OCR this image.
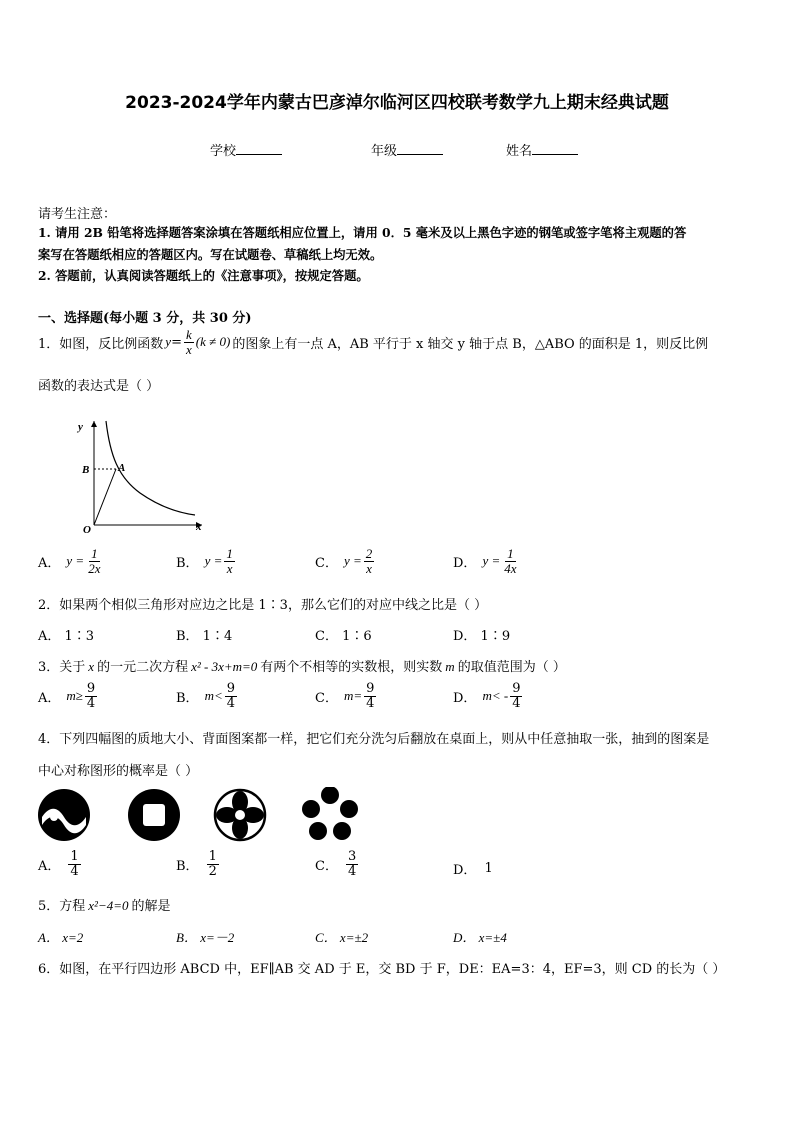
2023-2024学年内蒙古巴彦淖尔临河区四校联考数学九上期末经典试题
学校	年级	姓名
请考生注意：
1. 请用 2B 铅笔将选择题答案涂填在答题纸相应位置上，请用 0．5 毫米及以上黑色字迹的钢笔或签字笔将主观题的答
案写在答题纸相应的答题区内。写在试题卷、草稿纸上均无效。
2. 答题前，认真阅读答题纸上的《注意事项》，按规定答题。
一、选择题(每小题 3 分，共 30 分)
1．如图，反比例函数 $y = \frac{k}{x} (k \ne 0)$ 的图象上有一点 A，AB 平行于 x 轴交 y 轴于点 B，△ABO 的面积是 1，则反比例
函数的表达式是（ ）
y
x
O
A
B
A． $y = \frac{1}{2x}$	B． $y = \frac{1}{x}$	C． $y = \frac{2}{x}$	D． $y = \frac{1}{4x}$
2．如果两个相似三角形对应边之比是 1∶3，那么它们的对应中线之比是（ ）
A． 1∶3	B． 1∶4	C． 1∶6	D． 1∶9
3．关于 x 的一元二次方程 x² - 3x+m=0 有两个不相等的实数根，则实数 m 的取值范围为（ ）
A． $m\ge \frac{9}{4}$	B． $m< \frac{9}{4}$	C． $m= \frac{9}{4}$	D． $m< - \frac{9}{4}$
4．下列四幅图的质地大小、背面图案都一样，把它们充分洗匀后翻放在桌面上，则从中任意抽取一张，抽到的图案是
中心对称图形的概率是（ ）
A． $\frac{1}{4}$	B． $\frac{1}{2}$	C． $\frac{3}{4}$	D． 1
5．方程 x²−4=0 的解是
A． x=2	B． x=－2	C． x=±2	D． x=±4
6．如图，在平行四边形 ABCD 中，EF∥AB 交 AD 于 E，交 BD 于 F，DE：EA=3：4，EF=3，则 CD 的长为（ ）
